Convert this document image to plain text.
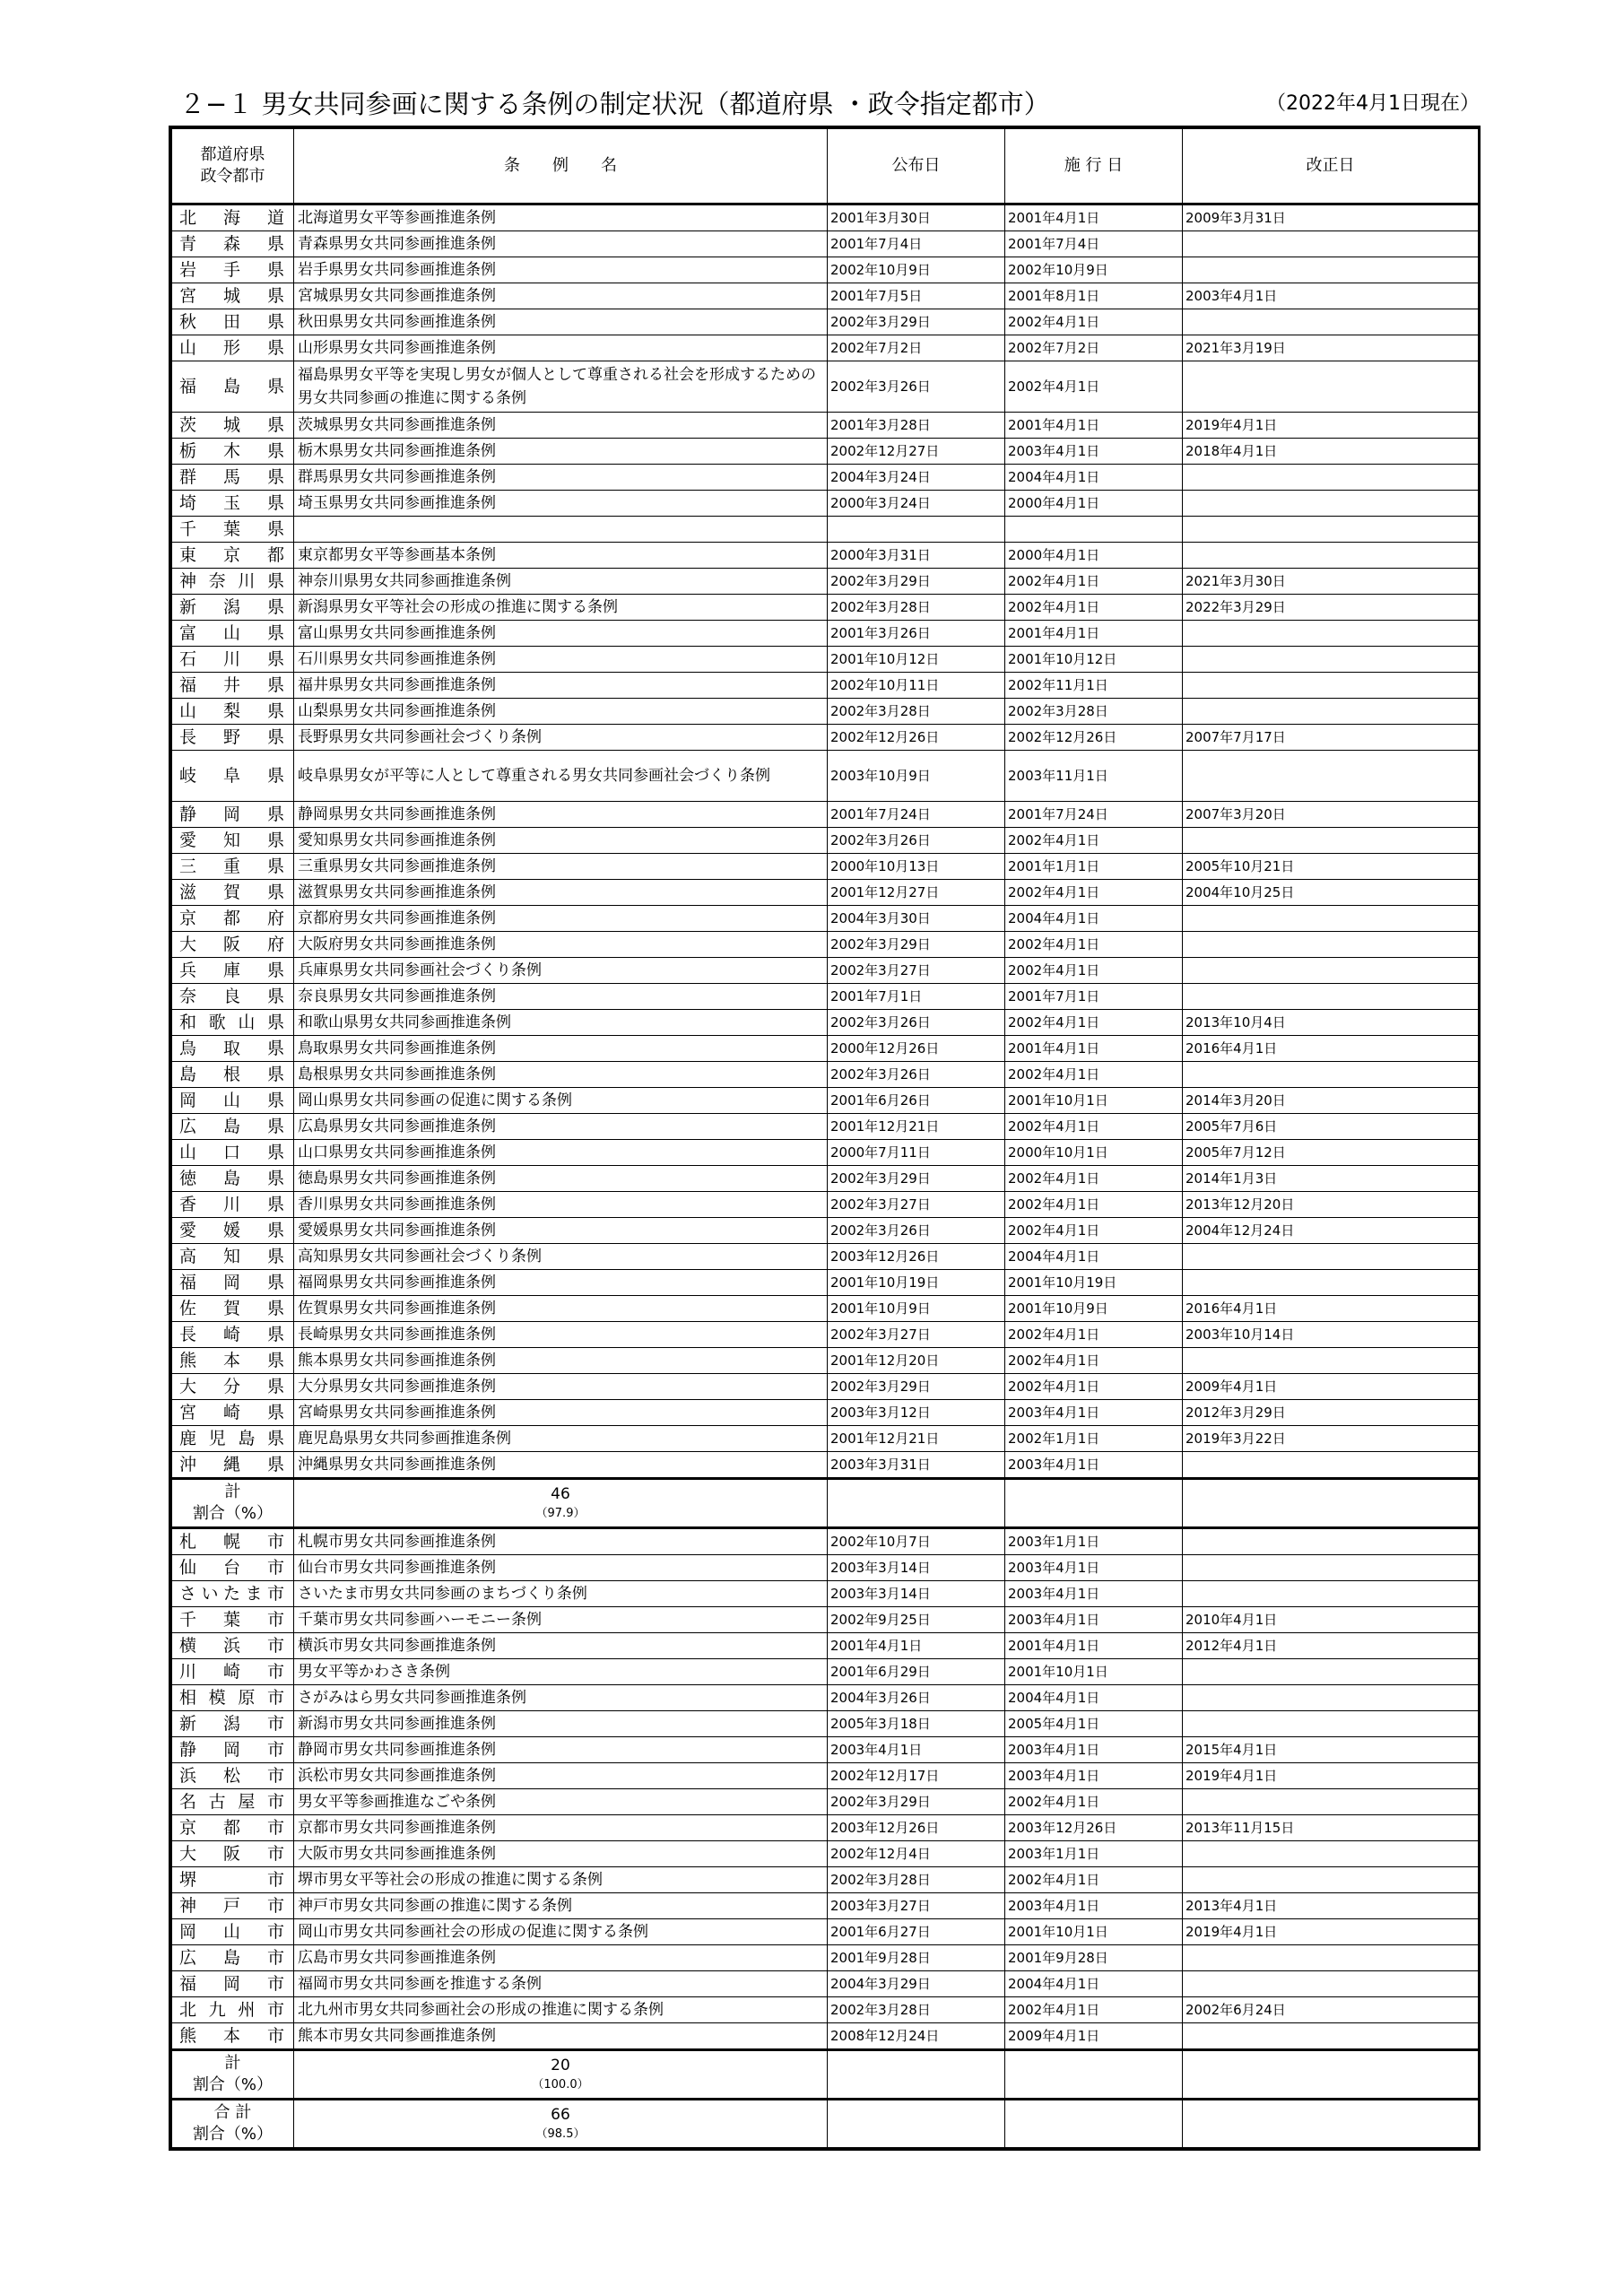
２−１ 男女共同参画に関する条例の制定状況（都道府県 ・政令指定都市）	（2022年4月1日現在）
都道府県
政令都市	条　　例　　名	公布日	施 行 日	改正日
北海道	北海道男女平等参画推進条例	2001年3月30日	2001年4月1日	2009年3月31日
青森県	青森県男女共同参画推進条例	2001年7月4日	2001年7月4日	
岩手県	岩手県男女共同参画推進条例	2002年10月9日	2002年10月9日	
宮城県	宮城県男女共同参画推進条例	2001年7月5日	2001年8月1日	2003年4月1日
秋田県	秋田県男女共同参画推進条例	2002年3月29日	2002年4月1日	
山形県	山形県男女共同参画推進条例	2002年7月2日	2002年7月2日	2021年3月19日
福島県	福島県男女平等を実現し男女が個人として尊重される社会を形成するための男女共同参画の推進に関する条例	2002年3月26日	2002年4月1日	
茨城県	茨城県男女共同参画推進条例	2001年3月28日	2001年4月1日	2019年4月1日
栃木県	栃木県男女共同参画推進条例	2002年12月27日	2003年4月1日	2018年4月1日
群馬県	群馬県男女共同参画推進条例	2004年3月24日	2004年4月1日	
埼玉県	埼玉県男女共同参画推進条例	2000年3月24日	2000年4月1日	
千葉県				
東京都	東京都男女平等参画基本条例	2000年3月31日	2000年4月1日	
神奈川県	神奈川県男女共同参画推進条例	2002年3月29日	2002年4月1日	2021年3月30日
新潟県	新潟県男女平等社会の形成の推進に関する条例	2002年3月28日	2002年4月1日	2022年3月29日
富山県	富山県男女共同参画推進条例	2001年3月26日	2001年4月1日	
石川県	石川県男女共同参画推進条例	2001年10月12日	2001年10月12日	
福井県	福井県男女共同参画推進条例	2002年10月11日	2002年11月1日	
山梨県	山梨県男女共同参画推進条例	2002年3月28日	2002年3月28日	
長野県	長野県男女共同参画社会づくり条例	2002年12月26日	2002年12月26日	2007年7月17日
岐阜県	岐阜県男女が平等に人として尊重される男女共同参画社会づくり条例	2003年10月9日	2003年11月1日	
静岡県	静岡県男女共同参画推進条例	2001年7月24日	2001年7月24日	2007年3月20日
愛知県	愛知県男女共同参画推進条例	2002年3月26日	2002年4月1日	
三重県	三重県男女共同参画推進条例	2000年10月13日	2001年1月1日	2005年10月21日
滋賀県	滋賀県男女共同参画推進条例	2001年12月27日	2002年4月1日	2004年10月25日
京都府	京都府男女共同参画推進条例	2004年3月30日	2004年4月1日	
大阪府	大阪府男女共同参画推進条例	2002年3月29日	2002年4月1日	
兵庫県	兵庫県男女共同参画社会づくり条例	2002年3月27日	2002年4月1日	
奈良県	奈良県男女共同参画推進条例	2001年7月1日	2001年7月1日	
和歌山県	和歌山県男女共同参画推進条例	2002年3月26日	2002年4月1日	2013年10月4日
鳥取県	鳥取県男女共同参画推進条例	2000年12月26日	2001年4月1日	2016年4月1日
島根県	島根県男女共同参画推進条例	2002年3月26日	2002年4月1日	
岡山県	岡山県男女共同参画の促進に関する条例	2001年6月26日	2001年10月1日	2014年3月20日
広島県	広島県男女共同参画推進条例	2001年12月21日	2002年4月1日	2005年7月6日
山口県	山口県男女共同参画推進条例	2000年7月11日	2000年10月1日	2005年7月12日
徳島県	徳島県男女共同参画推進条例	2002年3月29日	2002年4月1日	2014年1月3日
香川県	香川県男女共同参画推進条例	2002年3月27日	2002年4月1日	2013年12月20日
愛媛県	愛媛県男女共同参画推進条例	2002年3月26日	2002年4月1日	2004年12月24日
高知県	高知県男女共同参画社会づくり条例	2003年12月26日	2004年4月1日	
福岡県	福岡県男女共同参画推進条例	2001年10月19日	2001年10月19日	
佐賀県	佐賀県男女共同参画推進条例	2001年10月9日	2001年10月9日	2016年4月1日
長崎県	長崎県男女共同参画推進条例	2002年3月27日	2002年4月1日	2003年10月14日
熊本県	熊本県男女共同参画推進条例	2001年12月20日	2002年4月1日	
大分県	大分県男女共同参画推進条例	2002年3月29日	2002年4月1日	2009年4月1日
宮崎県	宮崎県男女共同参画推進条例	2003年3月12日	2003年4月1日	2012年3月29日
鹿児島県	鹿児島県男女共同参画推進条例	2001年12月21日	2002年1月1日	2019年3月22日
沖縄県	沖縄県男女共同参画推進条例	2003年3月31日	2003年4月1日	

計
割合（%）	46
（97.9）			

札幌市	札幌市男女共同参画推進条例	2002年10月7日	2003年1月1日	
仙台市	仙台市男女共同参画推進条例	2003年3月14日	2003年4月1日	
さいたま市	さいたま市男女共同参画のまちづくり条例	2003年3月14日	2003年4月1日	
千葉市	千葉市男女共同参画ハーモニー条例	2002年9月25日	2003年4月1日	2010年4月1日
横浜市	横浜市男女共同参画推進条例	2001年4月1日	2001年4月1日	2012年4月1日
川崎市	男女平等かわさき条例	2001年6月29日	2001年10月1日	
相模原市	さがみはら男女共同参画推進条例	2004年3月26日	2004年4月1日	
新潟市	新潟市男女共同参画推進条例	2005年3月18日	2005年4月1日	
静岡市	静岡市男女共同参画推進条例	2003年4月1日	2003年4月1日	2015年4月1日
浜松市	浜松市男女共同参画推進条例	2002年12月17日	2003年4月1日	2019年4月1日
名古屋市	男女平等参画推進なごや条例	2002年3月29日	2002年4月1日	
京都市	京都市男女共同参画推進条例	2003年12月26日	2003年12月26日	2013年11月15日
大阪市	大阪市男女共同参画推進条例	2002年12月4日	2003年1月1日	
堺市	堺市男女平等社会の形成の推進に関する条例	2002年3月28日	2002年4月1日	
神戸市	神戸市男女共同参画の推進に関する条例	2003年3月27日	2003年4月1日	2013年4月1日
岡山市	岡山市男女共同参画社会の形成の促進に関する条例	2001年6月27日	2001年10月1日	2019年4月1日
広島市	広島市男女共同参画推進条例	2001年9月28日	2001年9月28日	
福岡市	福岡市男女共同参画を推進する条例	2004年3月29日	2004年4月1日	
北九州市	北九州市男女共同参画社会の形成の推進に関する条例	2002年3月28日	2002年4月1日	2002年6月24日
熊本市	熊本市男女共同参画推進条例	2008年12月24日	2009年4月1日	

計
割合（%）	20
（100.0）			

合 計
割合（%）	66
（98.5）			
